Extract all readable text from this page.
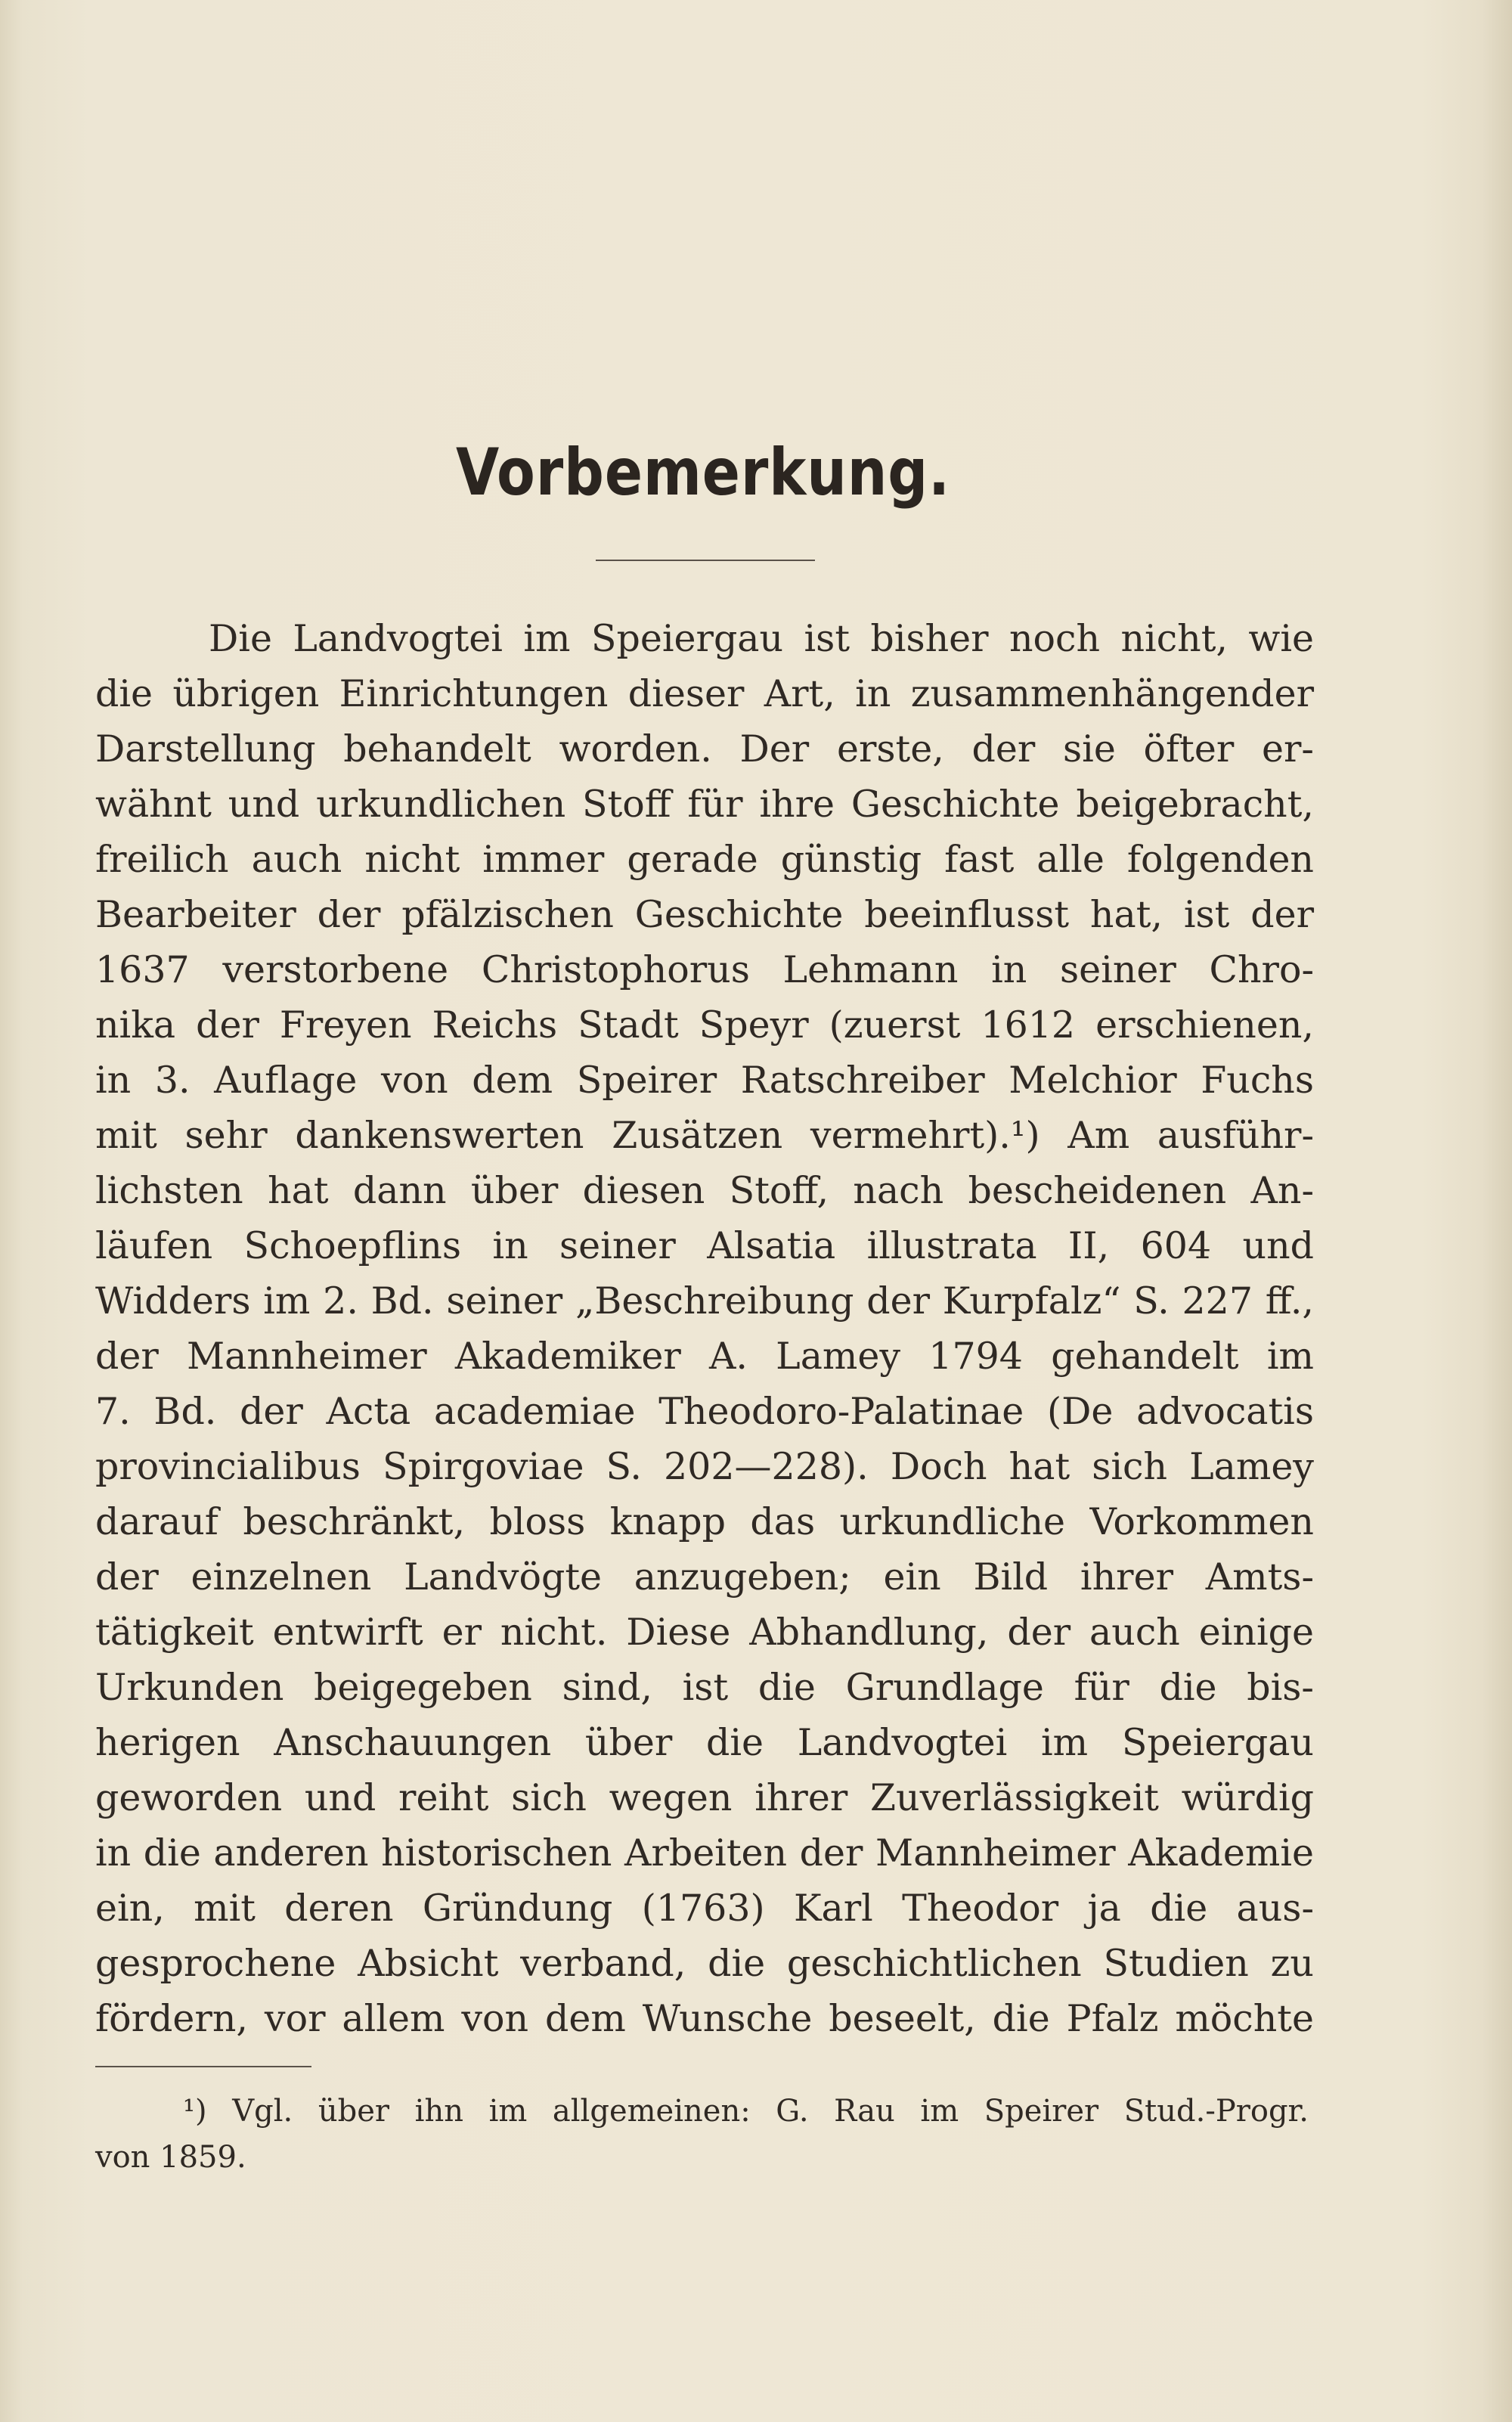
Vorbemerkung.
Die Landvogtei im Speiergau ist bisher noch nicht, wie
die übrigen Einrichtungen dieser Art, in zusammenhängender
Darstellung behandelt worden. Der erste, der sie öfter er-
wähnt und urkundlichen Stoff für ihre Geschichte beigebracht,
freilich auch nicht immer gerade günstig fast alle folgenden
Bearbeiter der pfälzischen Geschichte beeinflusst hat, ist der
1637 verstorbene Christophorus Lehmann in seiner Chro-
nika der Freyen Reichs Stadt Speyr (zuerst 1612 erschienen,
in 3. Auflage von dem Speirer Ratschreiber Melchior Fuchs
mit sehr dankenswerten Zusätzen vermehrt).¹) Am ausführ-
lichsten hat dann über diesen Stoff, nach bescheidenen An-
läufen Schoepflins in seiner Alsatia illustrata II, 604 und
Widders im 2. Bd. seiner „Beschreibung der Kurpfalz“ S. 227 ff.,
der Mannheimer Akademiker A. Lamey 1794 gehandelt im
7. Bd. der Acta academiae Theodoro-Palatinae (De advocatis
provincialibus Spirgoviae S. 202—228). Doch hat sich Lamey
darauf beschränkt, bloss knapp das urkundliche Vorkommen
der einzelnen Landvögte anzugeben; ein Bild ihrer Amts-
tätigkeit entwirft er nicht. Diese Abhandlung, der auch einige
Urkunden beigegeben sind, ist die Grundlage für die bis-
herigen Anschauungen über die Landvogtei im Speiergau
geworden und reiht sich wegen ihrer Zuverlässigkeit würdig
in die anderen historischen Arbeiten der Mannheimer Akademie
ein, mit deren Gründung (1763) Karl Theodor ja die aus-
gesprochene Absicht verband, die geschichtlichen Studien zu
fördern, vor allem von dem Wunsche beseelt, die Pfalz möchte
¹) Vgl. über ihn im allgemeinen: G. Rau im Speirer Stud.-Progr.
von 1859.
